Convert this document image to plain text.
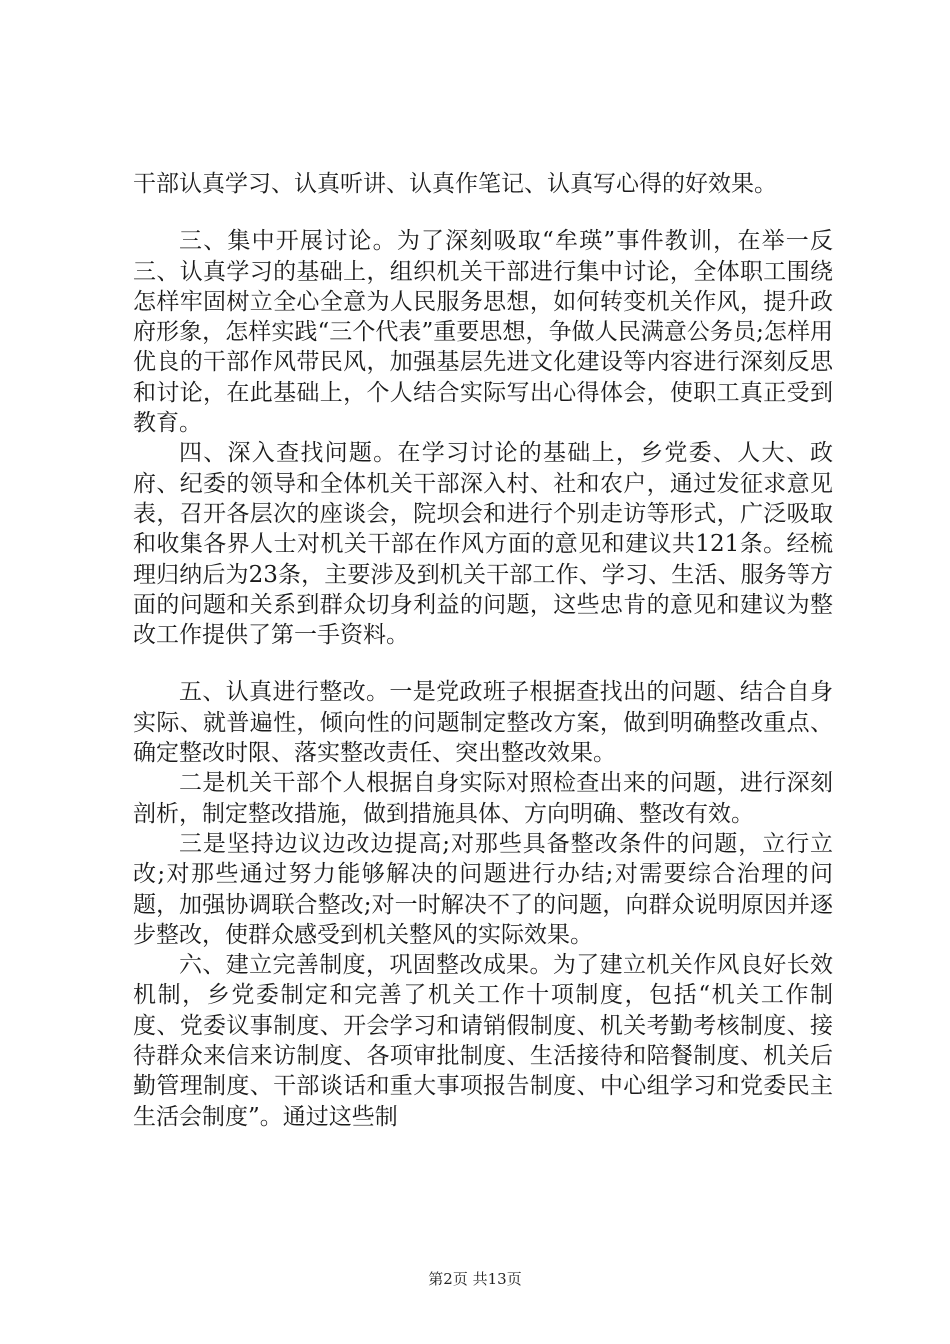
干部认真学习、认真听讲、认真作笔记、认真写心得的好效果。

三、集中开展讨论。为了深刻吸取“牟瑛”事件教训，在举一反三、认真学习的基础上，组织机关干部进行集中讨论，全体职工围绕怎样牢固树立全心全意为人民服务思想，如何转变机关作风，提升政府形象，怎样实践“三个代表”重要思想，争做人民满意公务员;怎样用优良的干部作风带民风，加强基层先进文化建设等内容进行深刻反思和讨论，在此基础上，个人结合实际写出心得体会，使职工真正受到教育。

四、深入查找问题。在学习讨论的基础上，乡党委、人大、政府、纪委的领导和全体机关干部深入村、社和农户，通过发征求意见表，召开各层次的座谈会，院坝会和进行个别走访等形式，广泛吸取和收集各界人士对机关干部在作风方面的意见和建议共121条。经梳理归纳后为23条，主要涉及到机关干部工作、学习、生活、服务等方面的问题和关系到群众切身利益的问题，这些忠肯的意见和建议为整改工作提供了第一手资料。

五、认真进行整改。一是党政班子根据查找出的问题、结合自身实际、就普遍性，倾向性的问题制定整改方案，做到明确整改重点、确定整改时限、落实整改责任、突出整改效果。

二是机关干部个人根据自身实际对照检查出来的问题，进行深刻剖析，制定整改措施，做到措施具体、方向明确、整改有效。

三是坚持边议边改边提高;对那些具备整改条件的问题，立行立改;对那些通过努力能够解决的问题进行办结;对需要综合治理的问题，加强协调联合整改;对一时解决不了的问题，向群众说明原因并逐步整改，使群众感受到机关整风的实际效果。

六、建立完善制度，巩固整改成果。为了建立机关作风良好长效机制，乡党委制定和完善了机关工作十项制度，包括“机关工作制度、党委议事制度、开会学习和请销假制度、机关考勤考核制度、接待群众来信来访制度、各项审批制度、生活接待和陪餐制度、机关后勤管理制度、干部谈话和重大事项报告制度、中心组学习和党委民主生活会制度”。通过这些制

第2页 共13页
